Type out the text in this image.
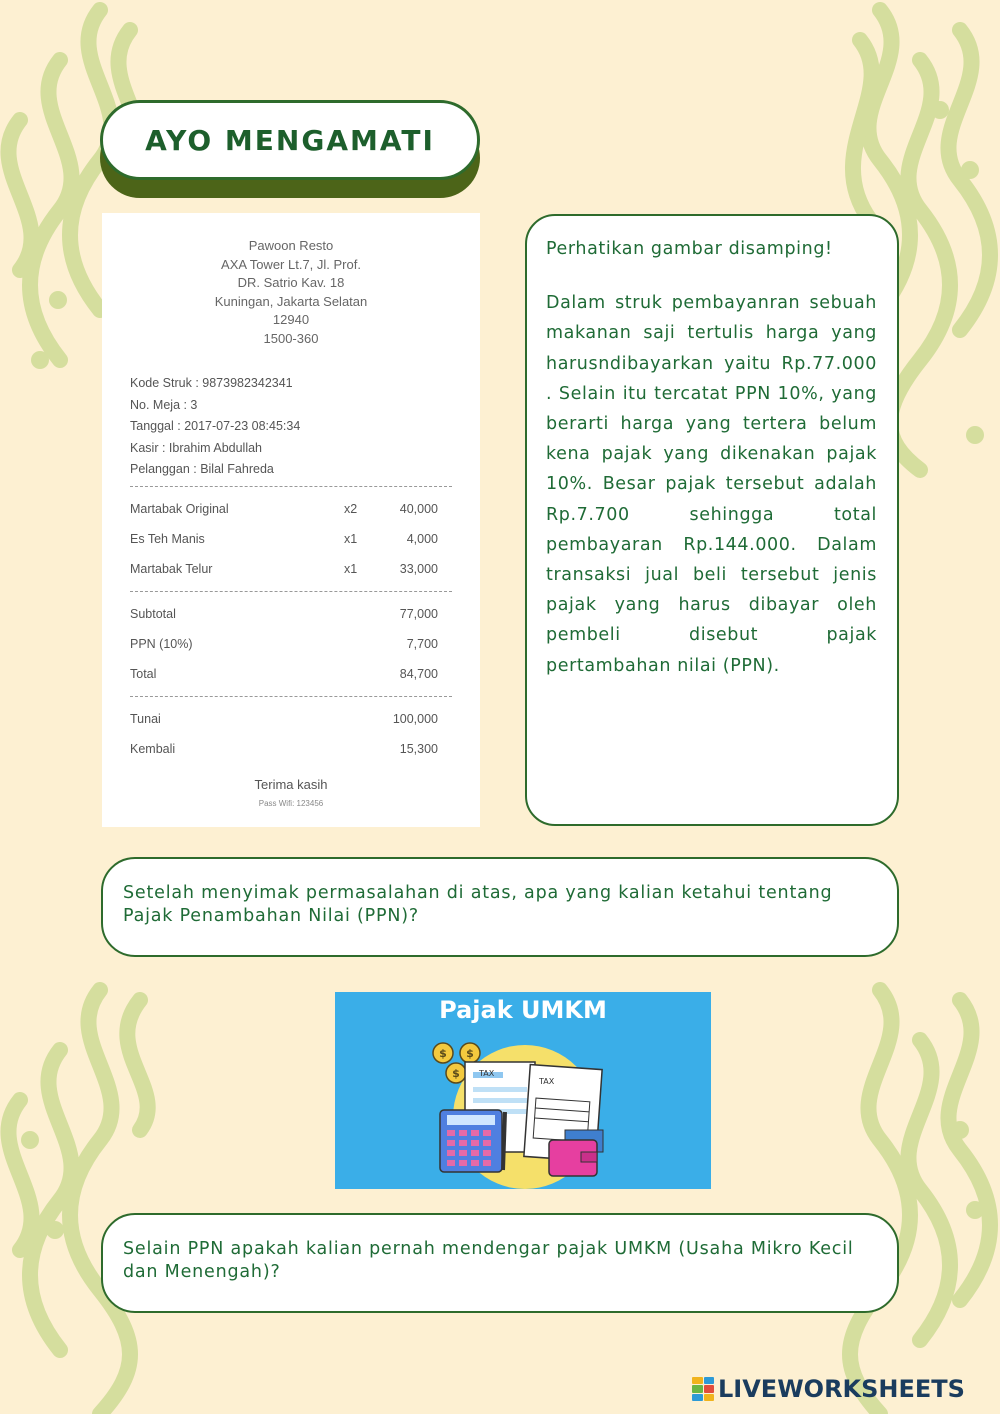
AYO MENGAMATI
Pawoon Resto
AXA Tower Lt.7, Jl. Prof.
DR. Satrio Kav. 18
Kuningan, Jakarta Selatan
12940
1500-360
Kode Struk : 9873982342341
No. Meja : 3
Tanggal : 2017-07-23 08:45:34
Kasir : Ibrahim Abdullah
Pelanggan : Bilal Fahreda
Martabak Original	x2	40,000
Es Teh Manis	x1	4,000
Martabak Telur	x1	33,000
Subtotal	77,000
PPN (10%)	7,700
Total	84,700
Tunai	100,000
Kembali	15,300
Terima kasih
Pass Wifi: 123456
Perhatikan gambar disamping!
Dalam struk pembayanran sebuah makanan saji tertulis harga yang harusndibayarkan yaitu Rp.77.000 . Selain itu tercatat PPN 10%, yang berarti harga yang tertera belum kena pajak yang dikenakan pajak 10%. Besar pajak tersebut adalah Rp.7.700 sehingga total pembayaran Rp.144.000. Dalam transaksi jual beli tersebut jenis pajak yang harus dibayar oleh pembeli disebut pajak pertambahan nilai (PPN).
Setelah menyimak permasalahan di atas, apa yang kalian ketahui tentang Pajak Penambahan Nilai (PPN)?
Pajak UMKM
$ $
$ TAX
TAX
Selain PPN apakah kalian pernah mendengar pajak UMKM (Usaha Mikro Kecil dan Menengah)?
LIVEWORKSHEETS
